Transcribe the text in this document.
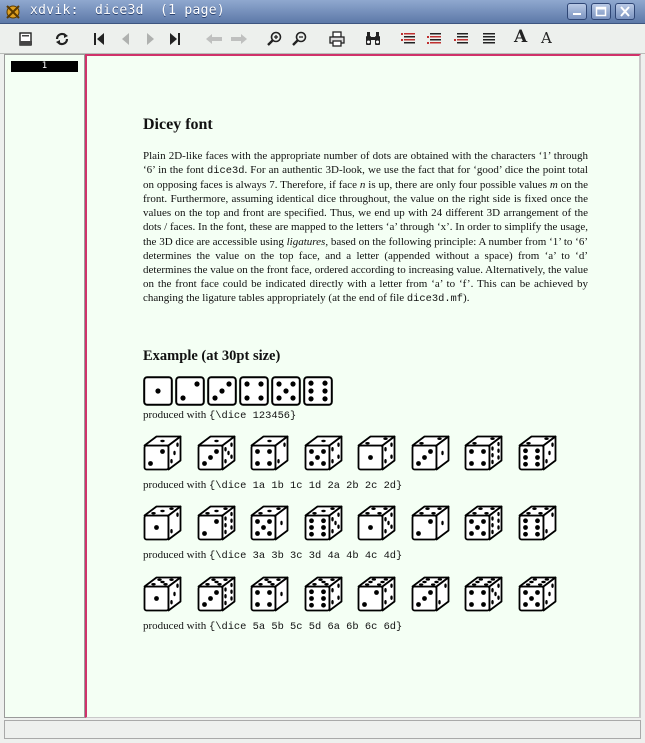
xdvik:  dice3d  (1 page)
A A
1
Dicey font

Plain 2D-like faces with the appropriate number of dots are obtained with the characters ‘1’ through ‘6’ in the font dice3d. For an authentic 3D-look, we use the fact that for ‘good’ dice the point total on opposing faces is always 7. Therefore, if face n is up, there are only four possible values m on the front. Furthermore, assuming identical dice throughout, the value on the right side is fixed once the values on the top and front are specified. Thus, we end up with 24 different 3D arrangement of the dots / faces. In the font, these are mapped to the letters ‘a’ through ‘x’. In order to simplify the usage, the 3D dice are accessible using ligatures, based on the following principle: A number from ‘1’ to ‘6’ determines the value on the top face, and a letter (appended without a space) from ‘a’ to ‘d’ determines the value on the front face, ordered according to increasing value. Alternatively, the value on the front face could be indicated directly with a letter from ‘a’ to ‘f’. This can be achieved by changing the ligature tables appropriately (at the end of file dice3d.mf).

Example (at 30pt size)
produced with {\dice 123456}
produced with {\dice 1a 1b 1c 1d 2a 2b 2c 2d}
produced with {\dice 3a 3b 3c 3d 4a 4b 4c 4d}
produced with {\dice 5a 5b 5c 5d 6a 6b 6c 6d}
